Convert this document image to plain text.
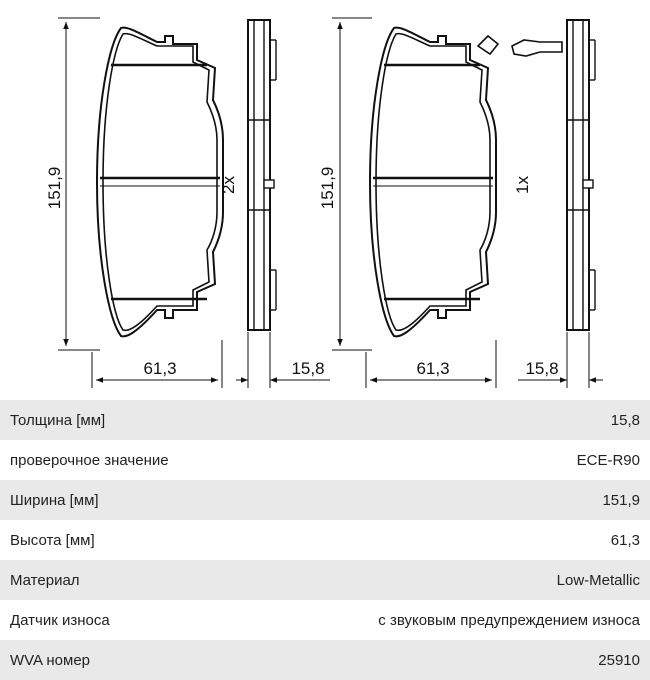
151,9
61,3	15,8
2x	151,9
61,3	15,8
1x
Толщина [мм]	15,8
проверочное значение	ECE-R90
Ширина [мм]	151,9
Высота [мм]	61,3
Материал	Low-Metallic
Датчик износа	с звуковым предупреждением износа
WVA номер	25910
